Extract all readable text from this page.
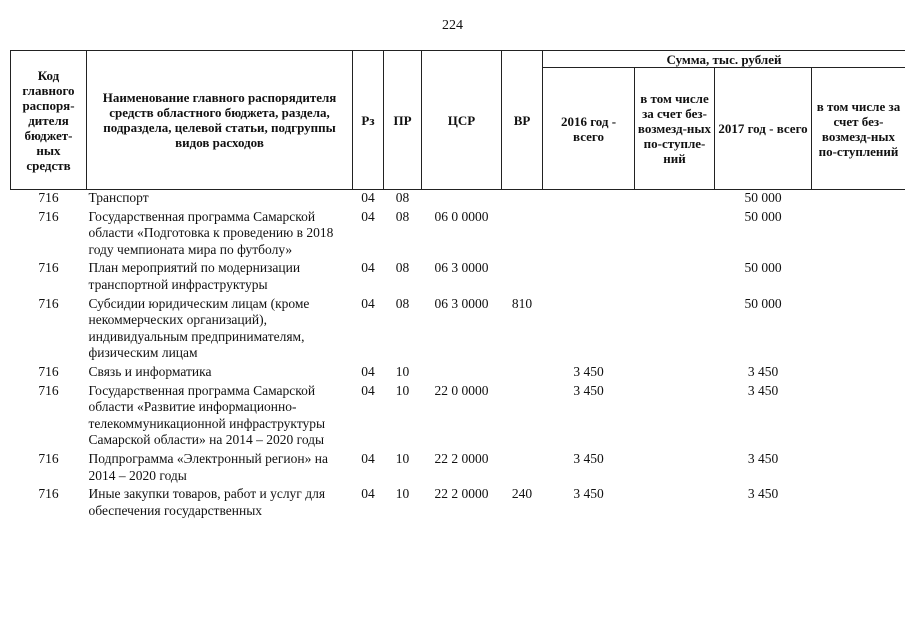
224
Код главного распоря-дителя бюджет-ных средств	Наименование главного распорядителя средств областного бюджета, раздела, подраздела, целевой статьи, подгруппы видов расходов	Рз	ПР	ЦСР	ВР	Сумма, тыс. рублей			
						2016 год - всего	в том числе за счет без-возмезд-ных по-ступле-ний	2017 год - всего	в том числе за счет без-возмезд-ных по-ступлений
716	Транспорт	04	08					50 000	
716	Государственная программа Самарской области «Подготовка к проведению в 2018 году чемпионата мира по футболу»	04	08	06 0 0000				50 000	
716	План мероприятий по модернизации транспортной инфраструктуры	04	08	06 3 0000				50 000	
716	Субсидии юридическим лицам (кроме некоммерческих организаций), индивидуальным предпринимателям, физическим лицам	04	08	06 3 0000	810			50 000	
716	Связь и информатика	04	10			3 450		3 450	
716	Государственная программа Самарской области «Развитие информационно-телекоммуникационной инфраструктуры Самарской области» на 2014 – 2020 годы	04	10	22 0 0000		3 450		3 450	
716	Подпрограмма «Электронный регион» на 2014 – 2020 годы	04	10	22 2 0000		3 450		3 450	
716	Иные закупки товаров, работ и услуг для обеспечения государственных	04	10	22 2 0000	240	3 450		3 450	
